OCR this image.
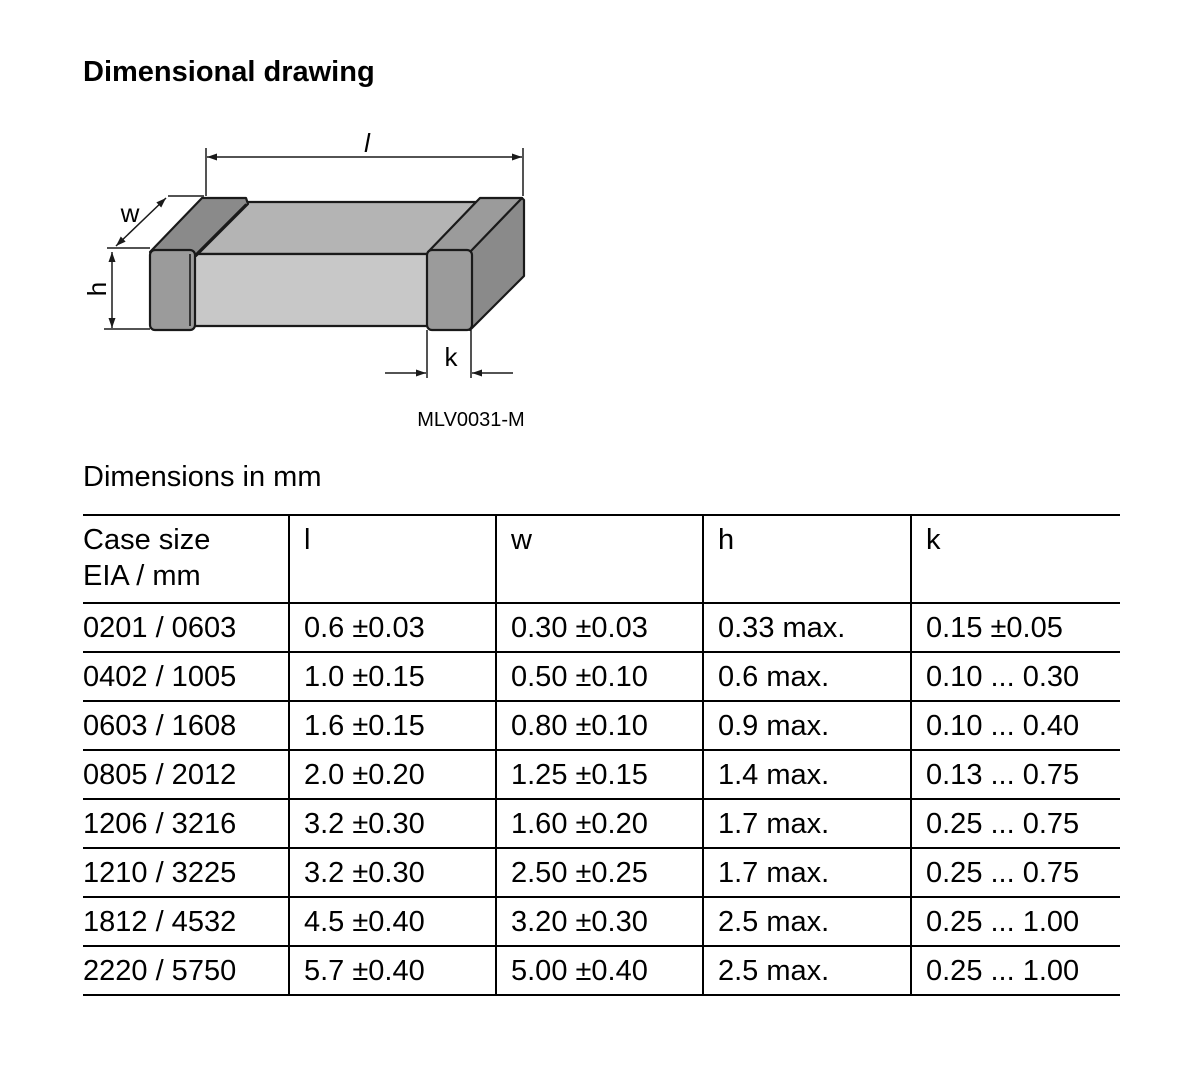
Dimensional drawing
l
w
h
k
MLV0031-M
Dimensions in mm
Case size
EIA / mm	l	w	h	k
0201 / 0603	0.6 ±0.03	0.30 ±0.03	0.33 max.	0.15 ±0.05
0402 / 1005	1.0 ±0.15	0.50 ±0.10	0.6 max.	0.10 ... 0.30
0603 / 1608	1.6 ±0.15	0.80 ±0.10	0.9 max.	0.10 ... 0.40
0805 / 2012	2.0 ±0.20	1.25 ±0.15	1.4 max.	0.13 ... 0.75
1206 / 3216	3.2 ±0.30	1.60 ±0.20	1.7 max.	0.25 ... 0.75
1210 / 3225	3.2 ±0.30	2.50 ±0.25	1.7 max.	0.25 ... 0.75
1812 / 4532	4.5 ±0.40	3.20 ±0.30	2.5 max.	0.25 ... 1.00
2220 / 5750	5.7 ±0.40	5.00 ±0.40	2.5 max.	0.25 ... 1.00
